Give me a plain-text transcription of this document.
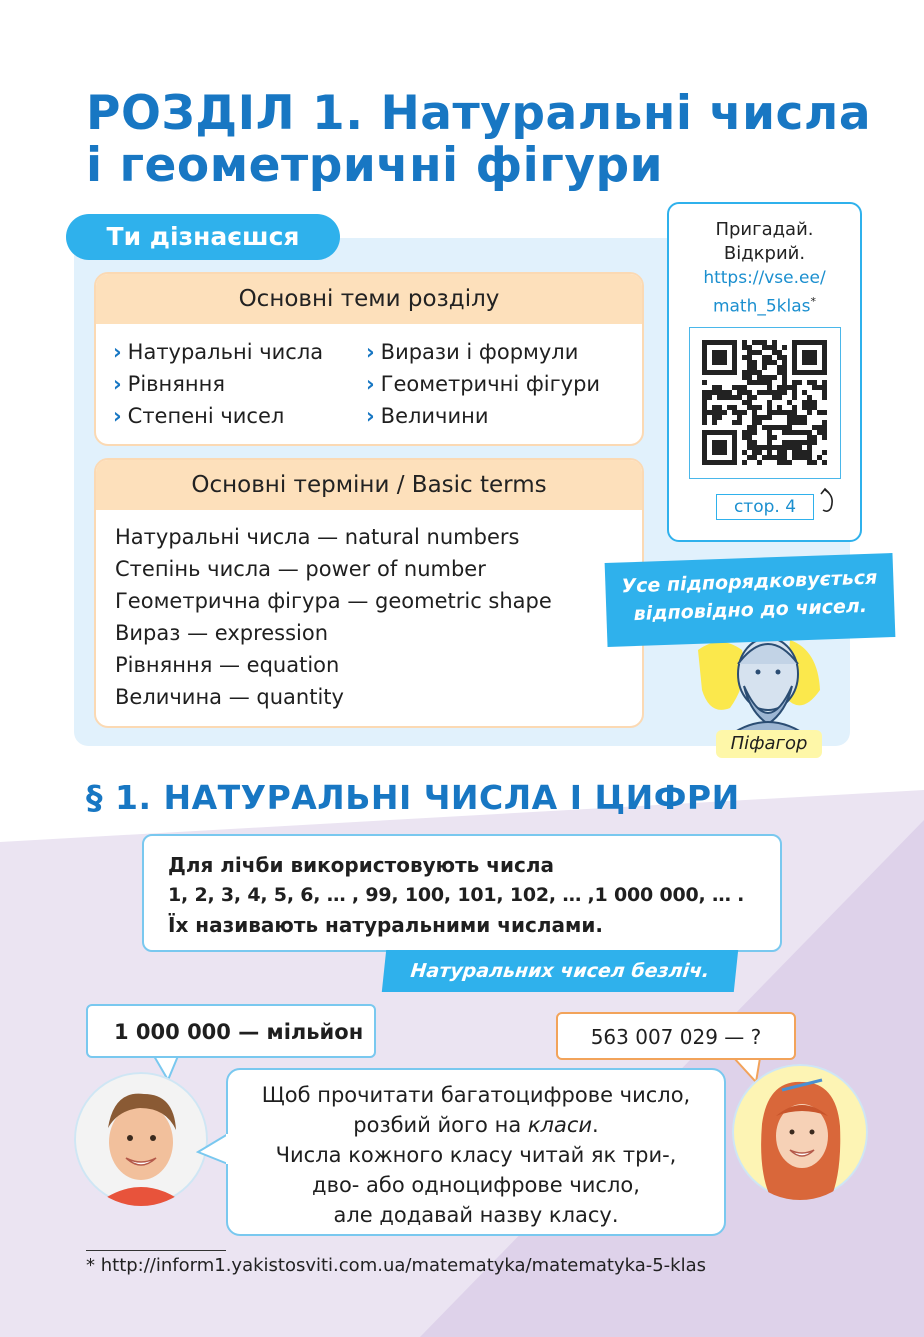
РОЗДІЛ 1. Натуральні числа
і геометричні фігури
Ти дізнаєшся
Основні теми розділу
› Натуральні числа
› Рівняння
› Степені чисел
› Вирази і формули
› Геометричні фігури
› Величини
Основні терміни / Basic terms
Натуральні числа — natural numbers
Степінь числа — power of number
Геометрична фігура — geometric shape
Вираз — expression
Рівняння — equation
Величина — quantity
Пригадай.
Відкрий.
https://vse.ee/
math_5klas*
стор. 4
Усе підпорядковується
відповідно до чисел.
Піфагор
§ 1. НАТУРАЛЬНІ ЧИСЛА І ЦИФРИ
Для лічби використовують числа
1, 2, 3, 4, 5, 6, … , 99, 100, 101, 102, … ,1 000 000, … .
Їх називають натуральними числами.
Натуральних чисел безліч.
1 000 000 — мільйон	563 007 029 — ?
Щоб прочитати багатоцифрове число,
розбий його на класи.
Числа кожного класу читай як три-,
дво- або одноцифрове число,
але додавай назву класу.
* http://inform1.yakistosviti.com.ua/matematyka/matematyka-5-klas
